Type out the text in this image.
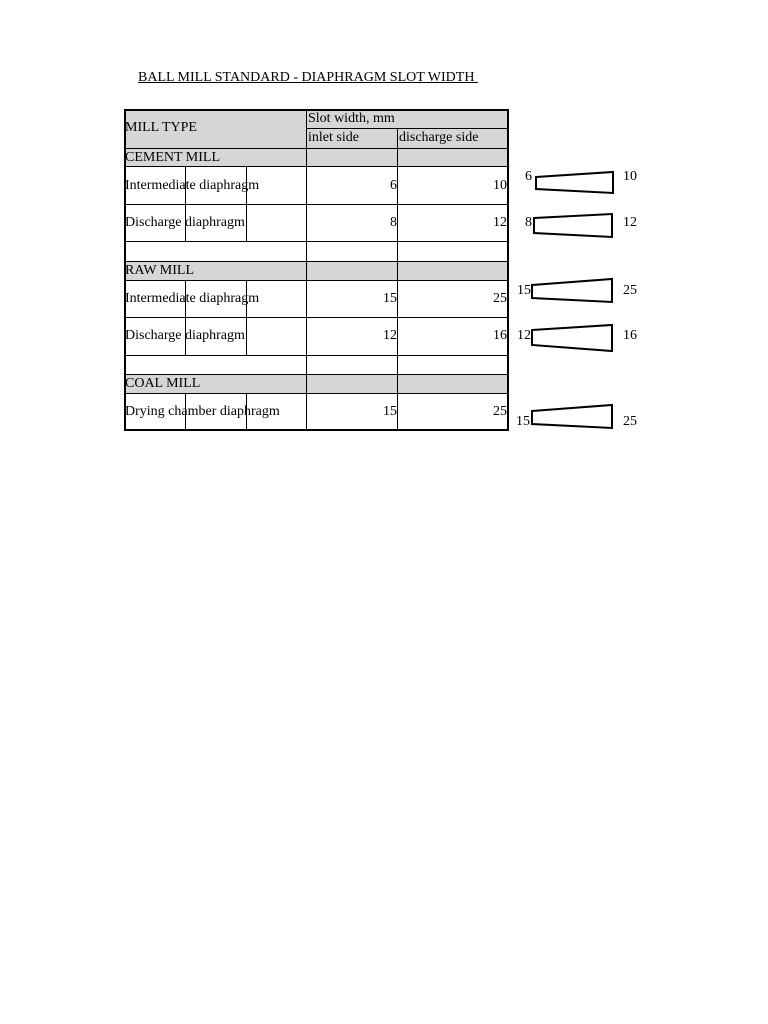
BALL MILL STANDARD - DIAPHRAGM SLOT WIDTH
MILL TYPE
Slot width, mm
inlet side	discharge side
CEMENT MILL
Intermediate diaphragm	6	10
Discharge diaphragm	8	12
RAW MILL
Intermediate diaphragm	15	25
Discharge diaphragm	12	16
COAL MILL
Drying chamber diaphragm	15	25
6	10
8	12
15	25
12	16
15	25
